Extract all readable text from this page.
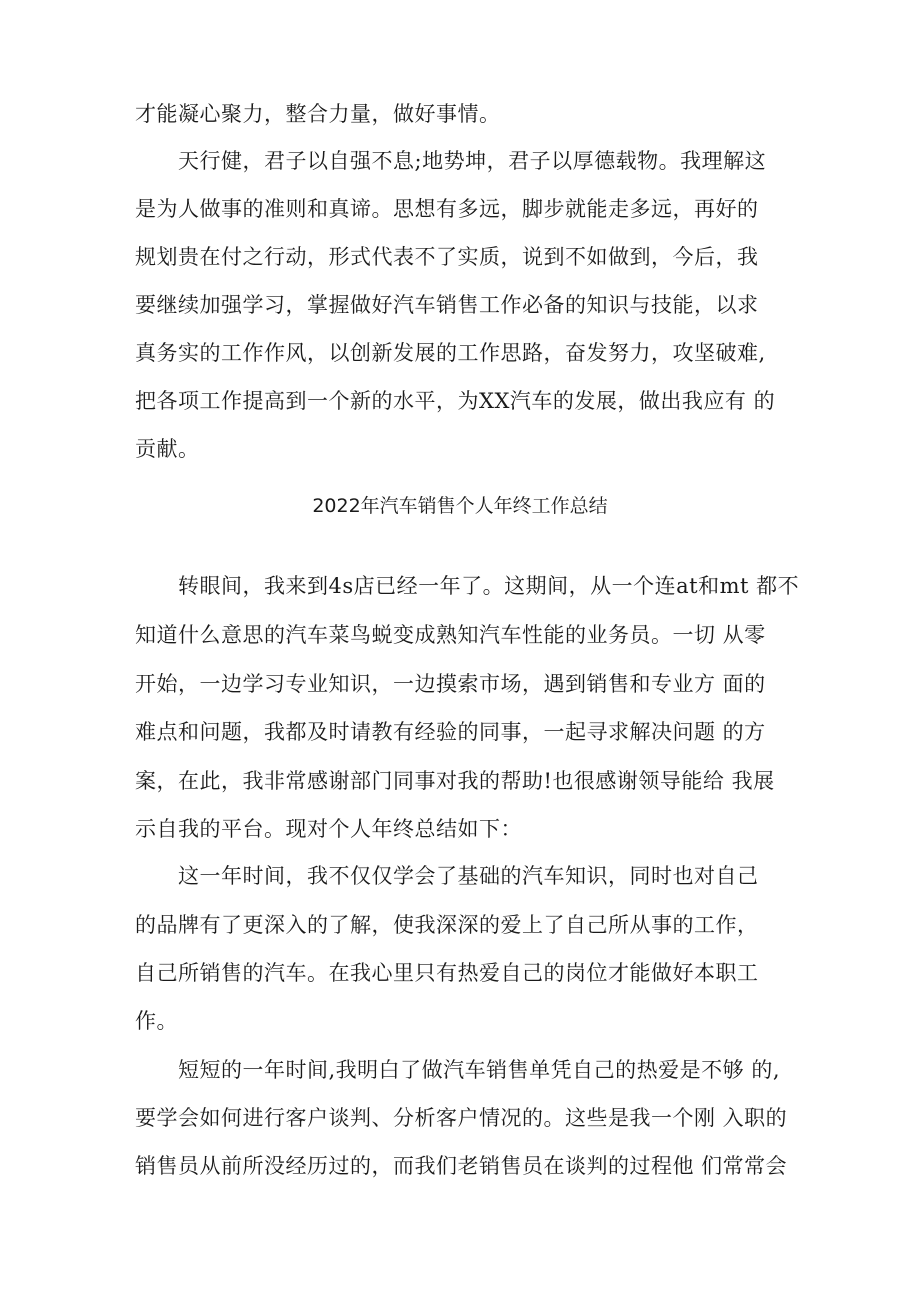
才能凝心聚力，整合力量，做好事情。
天行健，君子以自强不息;地势坤，君子以厚德载物。我理解这
是为人做事的准则和真谛。思想有多远，脚步就能走多远，再好的
规划贵在付之行动，形式代表不了实质，说到不如做到，今后，我
要继续加强学习，掌握做好汽车销售工作必备的知识与技能，以求
真务实的工作作风，以创新发展的工作思路，奋发努力，攻坚破难,
把各项工作提高到一个新的水平，为XX汽车的发展，做出我应有 的
贡献。
2022年汽车销售个人年终工作总结
转眼间，我来到4s店已经一年了。这期间，从一个连at和mt 都不
知道什么意思的汽车菜鸟蜕变成熟知汽车性能的业务员。一切 从零
开始，一边学习专业知识，一边摸索市场，遇到销售和专业方 面的
难点和问题，我都及时请教有经验的同事，一起寻求解决问题 的方
案，在此，我非常感谢部门同事对我的帮助!也很感谢领导能给 我展
示自我的平台。现对个人年终总结如下：
这一年时间，我不仅仅学会了基础的汽车知识，同时也对自己
的品牌有了更深入的了解，使我深深的爱上了自己所从事的工作，
自己所销售的汽车。在我心里只有热爱自己的岗位才能做好本职工
作。
短短的一年时间,我明白了做汽车销售单凭自己的热爱是不够 的,
要学会如何进行客户谈判、分析客户情况的。这些是我一个刚 入职的
销售员从前所没经历过的，而我们老销售员在谈判的过程他 们常常会
